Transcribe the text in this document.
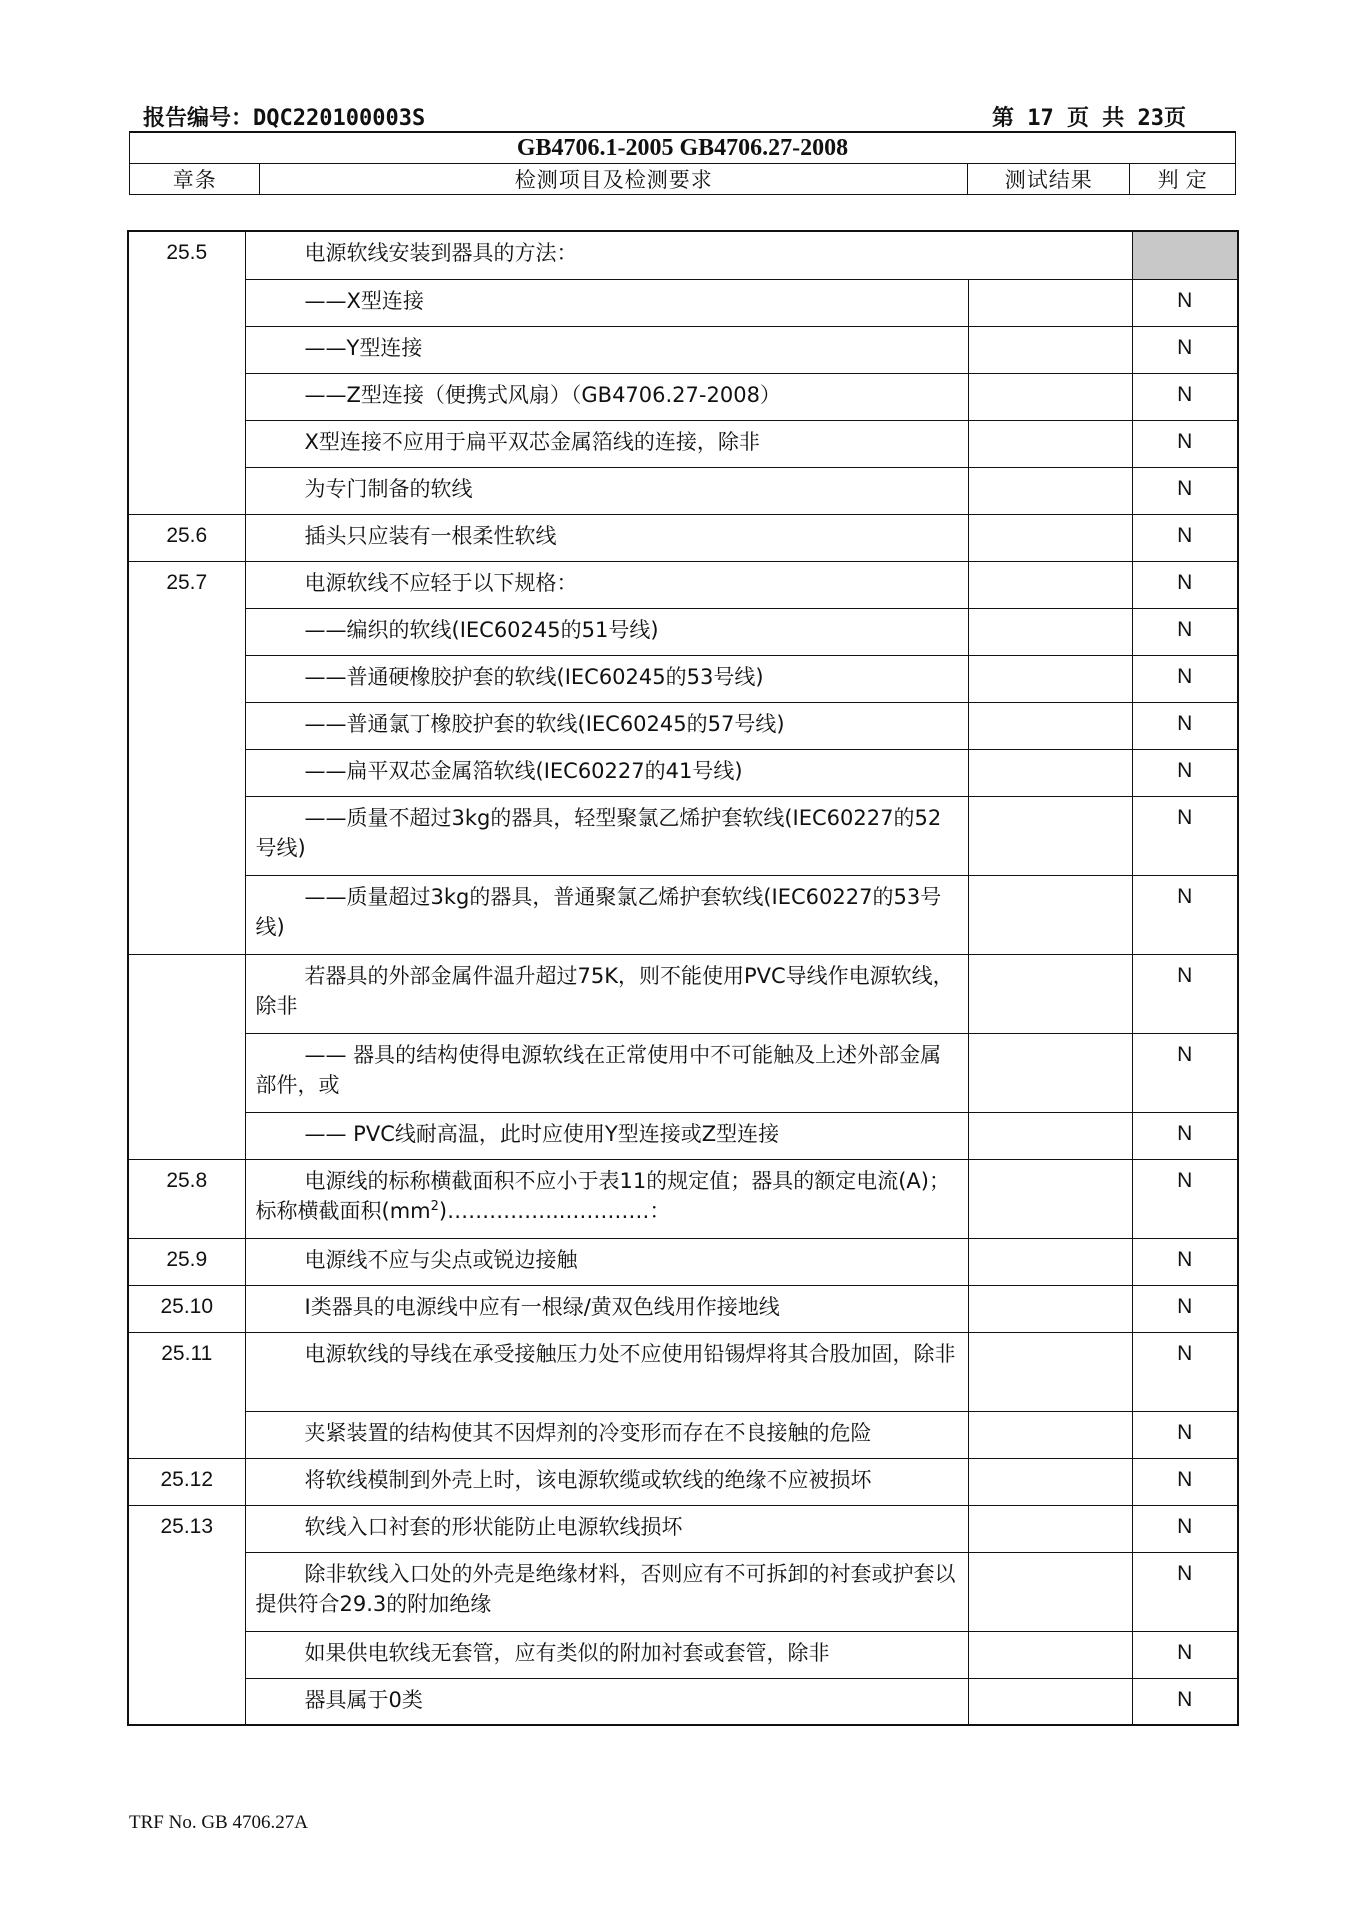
报告编号：DQC220100003S	第 17 页 共 23页
GB4706.1-2005 GB4706.27-2008
章条	检测项目及检测要求	测试结果	判 定
25.5	电源软线安装到器具的方法：		

	——X型连接		N

	——Y型连接		N

	——Z型连接（便携式风扇）（GB4706.27-2008）		N

	X型连接不应用于扁平双芯金属箔线的连接，除非		N

	为专门制备的软线		N
25.6	插头只应装有一根柔性软线		N
25.7	电源软线不应轻于以下规格：		N

	——编织的软线(IEC60245的51号线)		N

	——普通硬橡胶护套的软线(IEC60245的53号线)		N

	——普通氯丁橡胶护套的软线(IEC60245的57号线)		N

	——扁平双芯金属箔软线(IEC60227的41号线)		N

	——质量不超过3kg的器具，轻型聚氯乙烯护套软线(IEC60227的52号线)		N

	——质量超过3kg的器具，普通聚氯乙烯护套软线(IEC60227的53号线)		N

	若器具的外部金属件温升超过75K，则不能使用PVC导线作电源软线，除非		N

	—— 器具的结构使得电源软线在正常使用中不可能触及上述外部金属部件，或		N

	—— PVC线耐高温，此时应使用Y型连接或Z型连接		N
25.8	电源线的标称横截面积不应小于表11的规定值；器具的额定电流(A)；标称横截面积$(mm^2)\dots\dots\dots\dots\dots..\dots\dots\dots\dots$：		N
25.9	电源线不应与尖点或锐边接触		N
25.10	Ⅰ类器具的电源线中应有一根绿/黄双色线用作接地线		N
25.11	电源软线的导线在承受接触压力处不应使用铅锡焊将其合股加固，除非		N

	夹紧装置的结构使其不因焊剂的冷变形而存在不良接触的危险		N
25.12	将软线模制到外壳上时，该电源软缆或软线的绝缘不应被损坏		N
25.13	软线入口衬套的形状能防止电源软线损坏		N

	除非软线入口处的外壳是绝缘材料，否则应有不可拆卸的衬套或护套以提供符合29.3的附加绝缘		N

	如果供电软线无套管，应有类似的附加衬套或套管，除非		N

	器具属于0类		N
TRF No. GB 4706.27A
